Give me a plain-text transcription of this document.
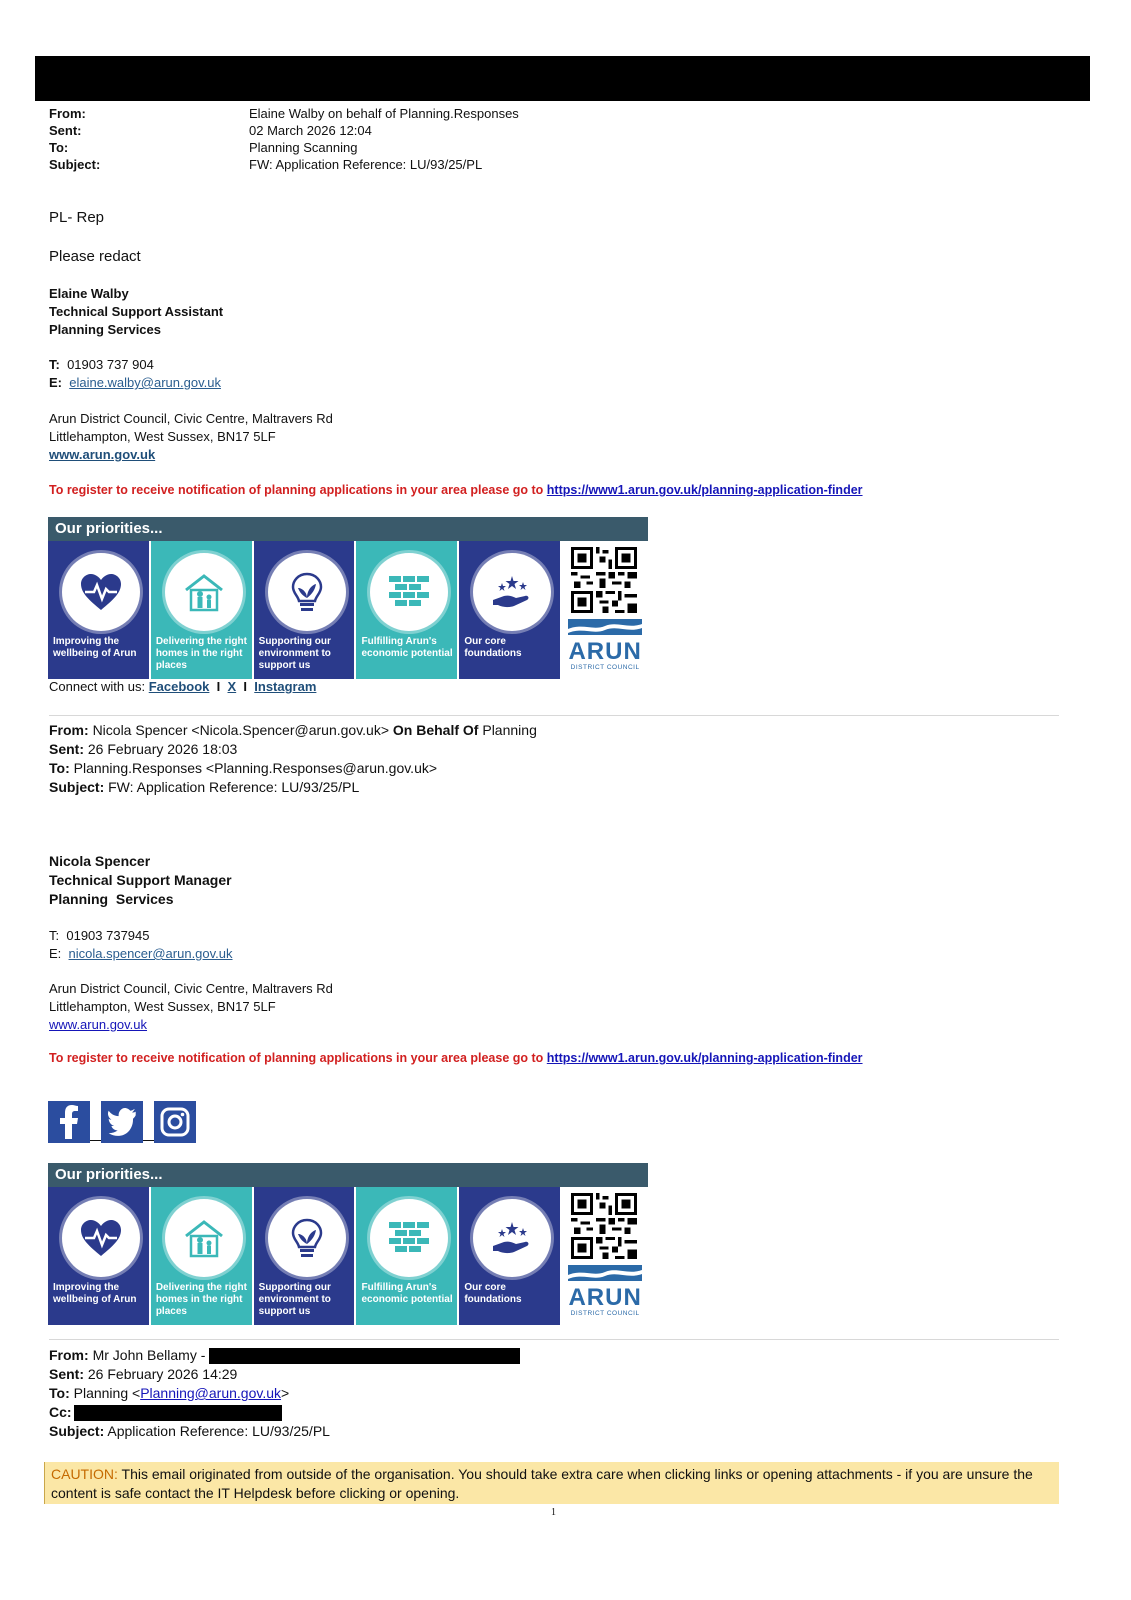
From:	Elaine Walby on behalf of Planning.Responses
Sent:	02 March 2026 12:04
To:	Planning Scanning
Subject:	FW: Application Reference: LU/93/25/PL
PL- Rep
Please redact
Elaine Walby
Technical Support Assistant
Planning Services
T: 01903 737 904
E: elaine.walby@arun.gov.uk
Arun District Council, Civic Centre, Maltravers Rd
Littlehampton, West Sussex, BN17 5LF
www.arun.gov.uk
To register to receive notification of planning applications in your area please go to https://www1.arun.gov.uk/planning-application-finder
Our priorities...
Improving the wellbeing of Arun
Delivering the right homes in the right places
Supporting our environment to support us
Fulfilling Arun's economic potential
Our core foundations	ARUN
DISTRICT COUNCIL
Connect with us: Facebook I X I Instagram
From: Nicola Spencer <Nicola.Spencer@arun.gov.uk> On Behalf Of Planning
Sent: 26 February 2026 18:03
To: Planning.Responses <Planning.Responses@arun.gov.uk>
Subject: FW: Application Reference: LU/93/25/PL
Nicola Spencer
Technical Support Manager
Planning  Services
T: 01903 737945
E: nicola.spencer@arun.gov.uk
Arun District Council, Civic Centre, Maltravers Rd
Littlehampton, West Sussex, BN17 5LF
www.arun.gov.uk
To register to receive notification of planning applications in your area please go to https://www1.arun.gov.uk/planning-application-finder
Our priorities...
Improving the wellbeing of Arun
Delivering the right homes in the right places
Supporting our environment to support us
Fulfilling Arun's economic potential
Our core foundations	ARUN
DISTRICT COUNCIL
From:
Mr John Bellamy -
Sent: 26 February 2026 14:29
To: Planning <Planning@arun.gov.uk>
Cc:
Subject: Application Reference: LU/93/25/PL
CAUTION: This email originated from outside of the organisation. You should take extra care when clicking links or opening attachments - if you are unsure the content is safe contact the IT Helpdesk before clicking or opening.
1
